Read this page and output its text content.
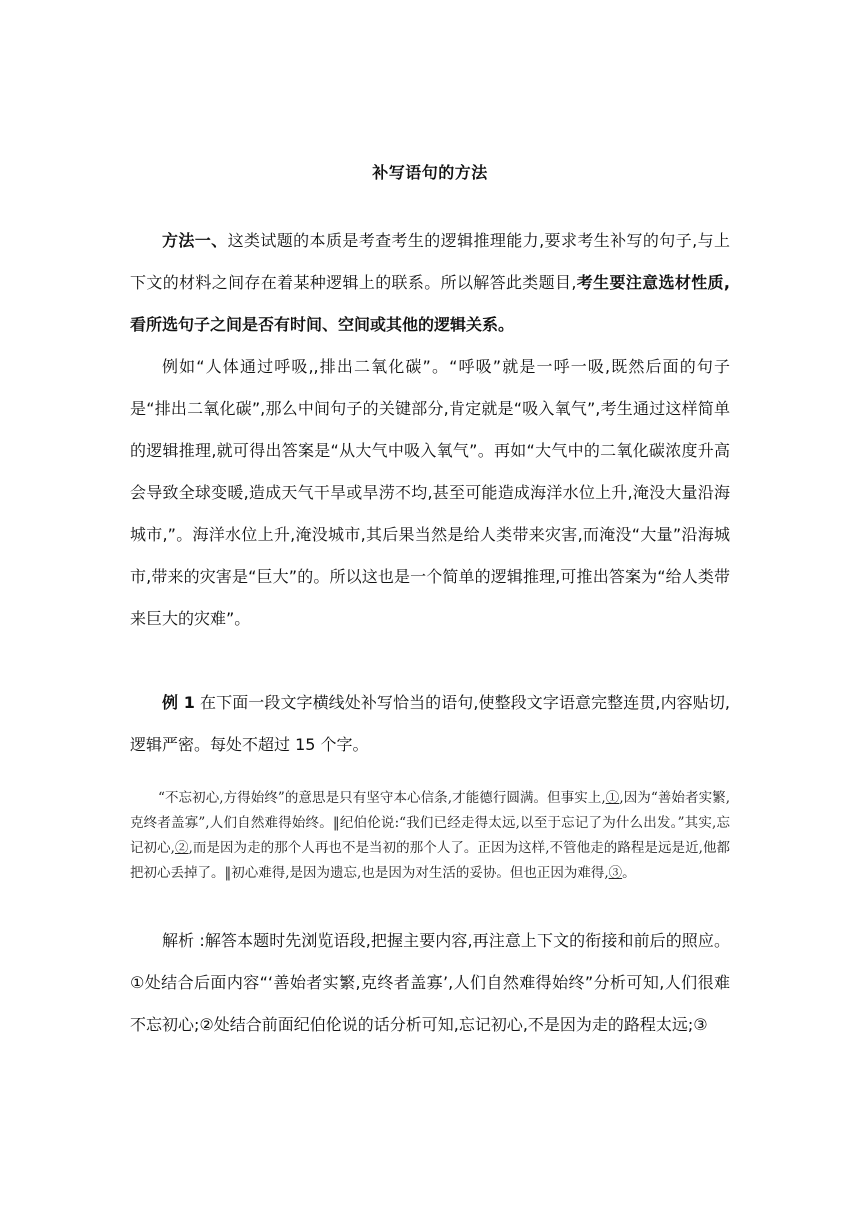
补写语句的方法

方法一、这类试题的本质是考查考生的逻辑推理能力,要求考生补写的句子,与上下文的材料之间存在着某种逻辑上的联系。所以解答此类题目,考生要注意选材性质,看所选句子之间是否有时间、空间或其他的逻辑关系。

例如“人体通过呼吸,,排出二氧化碳”。“呼吸”就是一呼一吸,既然后面的句子是“排出二氧化碳”,那么中间句子的关键部分,肯定就是“吸入氧气”,考生通过这样简单的逻辑推理,就可得出答案是“从大气中吸入氧气”。再如“大气中的二氧化碳浓度升高会导致全球变暖,造成天气干旱或旱涝不均,甚至可能造成海洋水位上升,淹没大量沿海城市,”。海洋水位上升,淹没城市,其后果当然是给人类带来灾害,而淹没“大量”沿海城市,带来的灾害是“巨大”的。所以这也是一个简单的逻辑推理,可推出答案为“给人类带来巨大的灾难”。

例 1 在下面一段文字横线处补写恰当的语句,使整段文字语意完整连贯,内容贴切,逻辑严密。每处不超过 15 个字。

“不忘初心,方得始终”的意思是只有坚守本心信条,才能德行圆满。但事实上,①,因为“善始者实繁,克终者盖寡”,人们自然难得始终。‖纪伯伦说:“我们已经走得太远,以至于忘记了为什么出发。”其实,忘记初心,②,而是因为走的那个人再也不是当初的那个人了。正因为这样,不管他走的路程是远是近,他都把初心丢掉了。‖初心难得,是因为遗忘,也是因为对生活的妥协。但也正因为难得,③。

解析 :解答本题时先浏览语段,把握主要内容,再注意上下文的衔接和前后的照应。①处结合后面内容“‘善始者实繁,克终者盖寡’,人们自然难得始终”分析可知,人们很难不忘初心;②处结合前面纪伯伦说的话分析可知,忘记初心,不是因为走的路程太远;③
